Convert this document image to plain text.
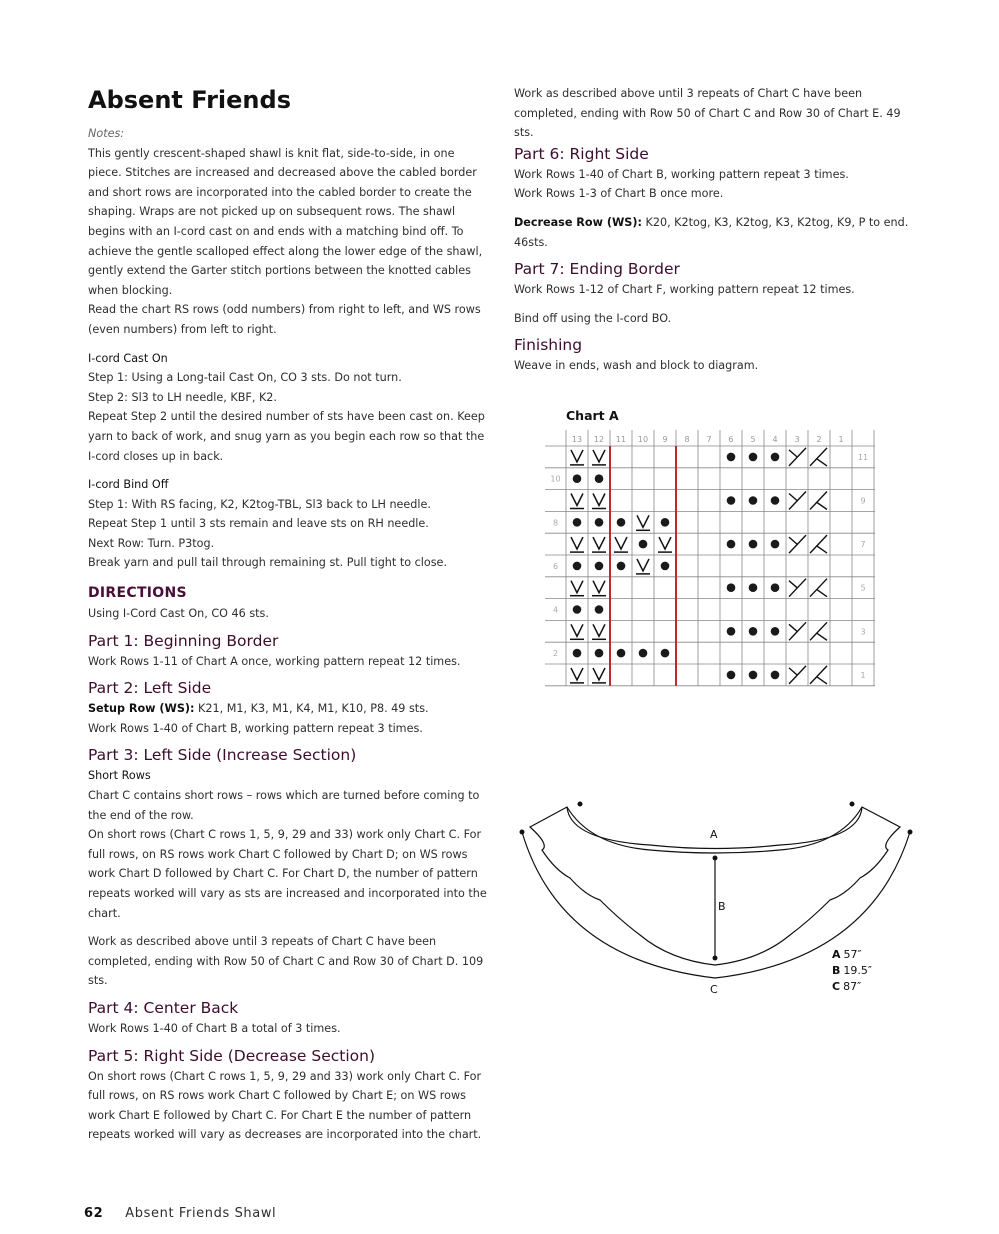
Absent Friends

Notes:

This gently crescent-shaped shawl is knit flat, side-to-side, in one piece. Stitches are increased and decreased above the cabled border and short rows are incorporated into the cabled border to create the shaping. Wraps are not picked up on subsequent rows. The shawl begins with an I-cord cast on and ends with a matching bind off. To achieve the gentle scalloped effect along the lower edge of the shawl, gently extend the Garter stitch portions between the knotted cables when blocking.

Read the chart RS rows (odd numbers) from right to left, and WS rows (even numbers) from left to right.

I-cord Cast On

Step 1: Using a Long-tail Cast On, CO 3 sts. Do not turn.

Step 2: Sl3 to LH needle, KBF, K2.

Repeat Step 2 until the desired number of sts have been cast on. Keep yarn to back of work, and snug yarn as you begin each row so that the I-cord closes up in back.

I-cord Bind Off

Step 1: With RS facing, K2, K2tog-TBL, Sl3 back to LH needle.

Repeat Step 1 until 3 sts remain and leave sts on RH needle.

Next Row: Turn. P3tog.

Break yarn and pull tail through remaining st. Pull tight to close.

DIRECTIONS

Using I-Cord Cast On, CO 46 sts.

Part 1: Beginning Border

Work Rows 1-11 of Chart A once, working pattern repeat 12 times.

Part 2: Left Side

Setup Row (WS): K21, M1, K3, M1, K4, M1, K10, P8. 49 sts.

Work Rows 1-40 of Chart B, working pattern repeat 3 times.

Part 3: Left Side (Increase Section)

Short Rows

Chart C contains short rows – rows which are turned before coming to the end of the row.

On short rows (Chart C rows 1, 5, 9, 29 and 33) work only Chart C. For full rows, on RS rows work Chart C followed by Chart D; on WS rows work Chart D followed by Chart C. For Chart D, the number of pattern repeats worked will vary as sts are increased and incorporated into the chart.

Work as described above until 3 repeats of Chart C have been completed, ending with Row 50 of Chart C and Row 30 of Chart D. 109 sts.

Part 4: Center Back

Work Rows 1-40 of Chart B a total of 3 times.

Part 5: Right Side (Decrease Section)

On short rows (Chart C rows 1, 5, 9, 29 and 33) work only Chart C. For full rows, on RS rows work Chart C followed by Chart E; on WS rows work Chart E followed by Chart C. For Chart E the number of pattern repeats worked will vary as decreases are incorporated into the chart.

Work as described above until 3 repeats of Chart C have been completed, ending with Row 50 of Chart C and Row 30 of Chart E. 49 sts.

Part 6: Right Side

Work Rows 1-40 of Chart B, working pattern repeat 3 times.

Work Rows 1-3 of Chart B once more.

Decrease Row (WS): K20, K2tog, K3, K2tog, K3, K2tog, K9, P to end. 46sts.

Part 7: Ending Border

Work Rows 1-12 of Chart F, working pattern repeat 12 times.

Bind off using the I-cord BO.

Finishing

Weave in ends, wash and block to diagram.

Chart A
13 12 11 10 9 8 7 6 5 4 3 2 1
11
10
9
8
7
6
5
4
3
2
1
A
B
C
A 57″
B 19.5″
C 87″
62 Absent Friends Shawl
